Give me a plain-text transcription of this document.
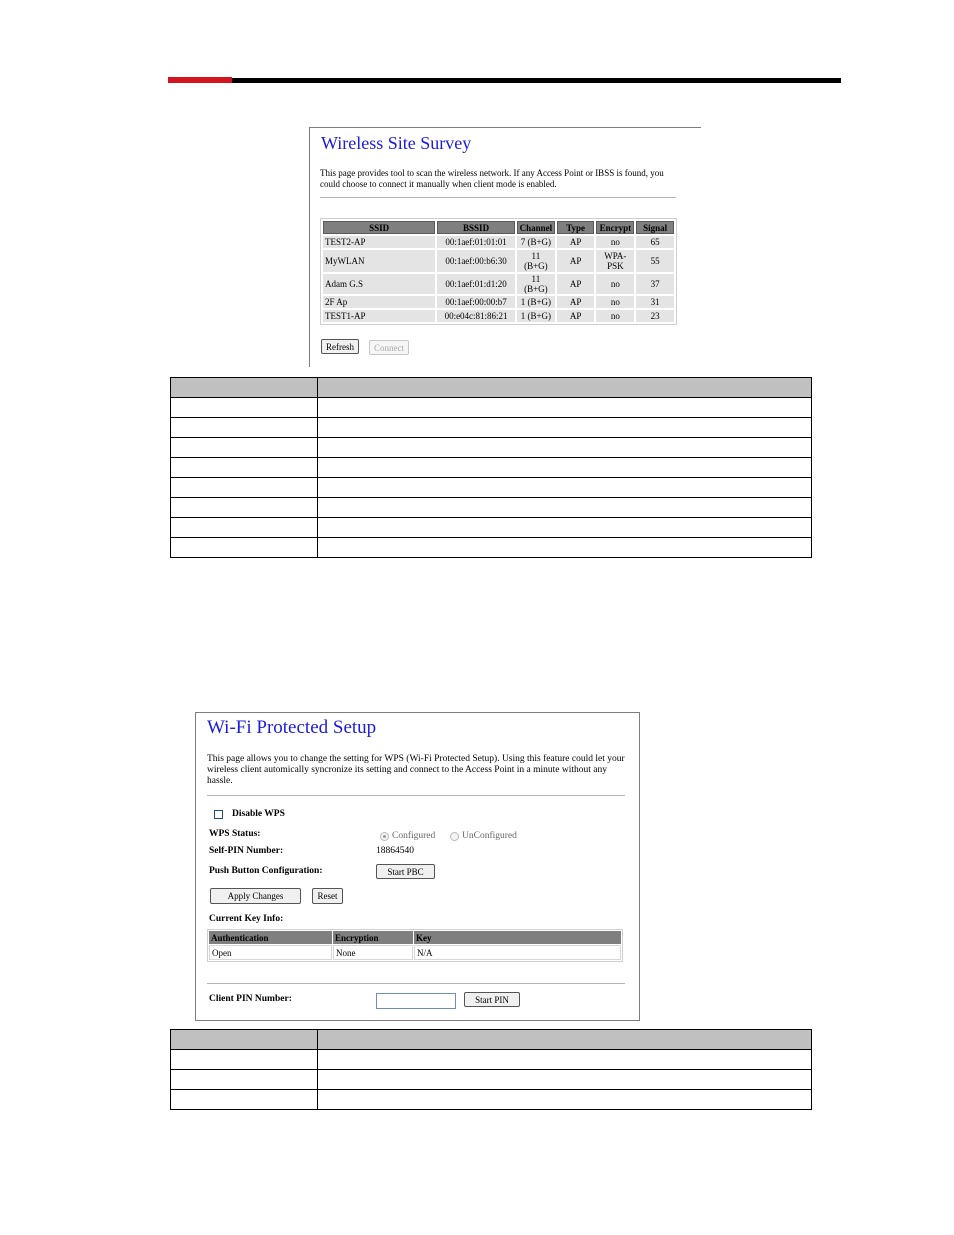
Wireless Site Survey
This page provides tool to scan the wireless network. If any Access Point or IBSS is found, you could choose to connect it manually when client mode is enabled.
SSID	BSSID	Channel	Type	Encrypt	Signal
TEST2-AP	00:1aef:01:01:01	7 (B+G)	AP	no	65
MyWLAN	00:1aef:00:b6:30	11 (B+G)	AP	WPA-PSK	55
Adam G.S	00:1aef:01:d1:20	11 (B+G)	AP	no	37
2F Ap	00:1aef:00:00:b7	1 (B+G)	AP	no	31
TEST1-AP	00:e04c:81:86:21	1 (B+G)	AP	no	23
Refresh	Connect

Wi-Fi Protected Setup
This page allows you to change the setting for WPS (Wi-Fi Protected Setup). Using this feature could let your wireless client automically syncronize its setting and connect to the Access Point in a minute without any hassle.
Disable WPS
WPS Status:	Configured	UnConfigured
Self-PIN Number:	18864540
Push Button Configuration:	Start PBC
Apply Changes	Reset
Current Key Info:
Authentication	Encryption	Key
Open	None	N/A
Client PIN Number:	Start PIN
